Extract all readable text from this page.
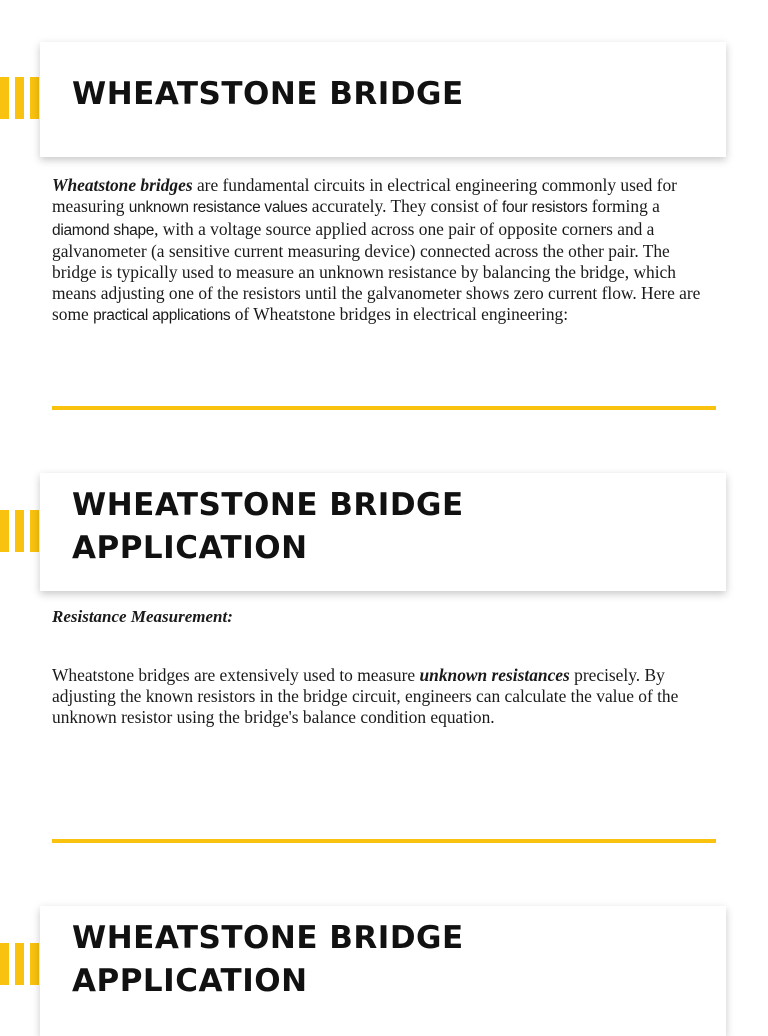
WHEATSTONE BRIDGE
Wheatstone bridges are fundamental circuits in electrical engineering commonly used for measuring unknown resistance values accurately. They consist of four resistors forming a diamond shape, with a voltage source applied across one pair of opposite corners and a galvanometer (a sensitive current measuring device) connected across the other pair. The bridge is typically used to measure an unknown resistance by balancing the bridge, which means adjusting one of the resistors until the galvanometer shows zero current flow. Here are some practical applications of Wheatstone bridges in electrical engineering:
WHEATSTONE BRIDGE
APPLICATION
Resistance Measurement:
Wheatstone bridges are extensively used to measure unknown resistances precisely. By adjusting the known resistors in the bridge circuit, engineers can calculate the value of the unknown resistor using the bridge's balance condition equation.
WHEATSTONE BRIDGE
APPLICATION
